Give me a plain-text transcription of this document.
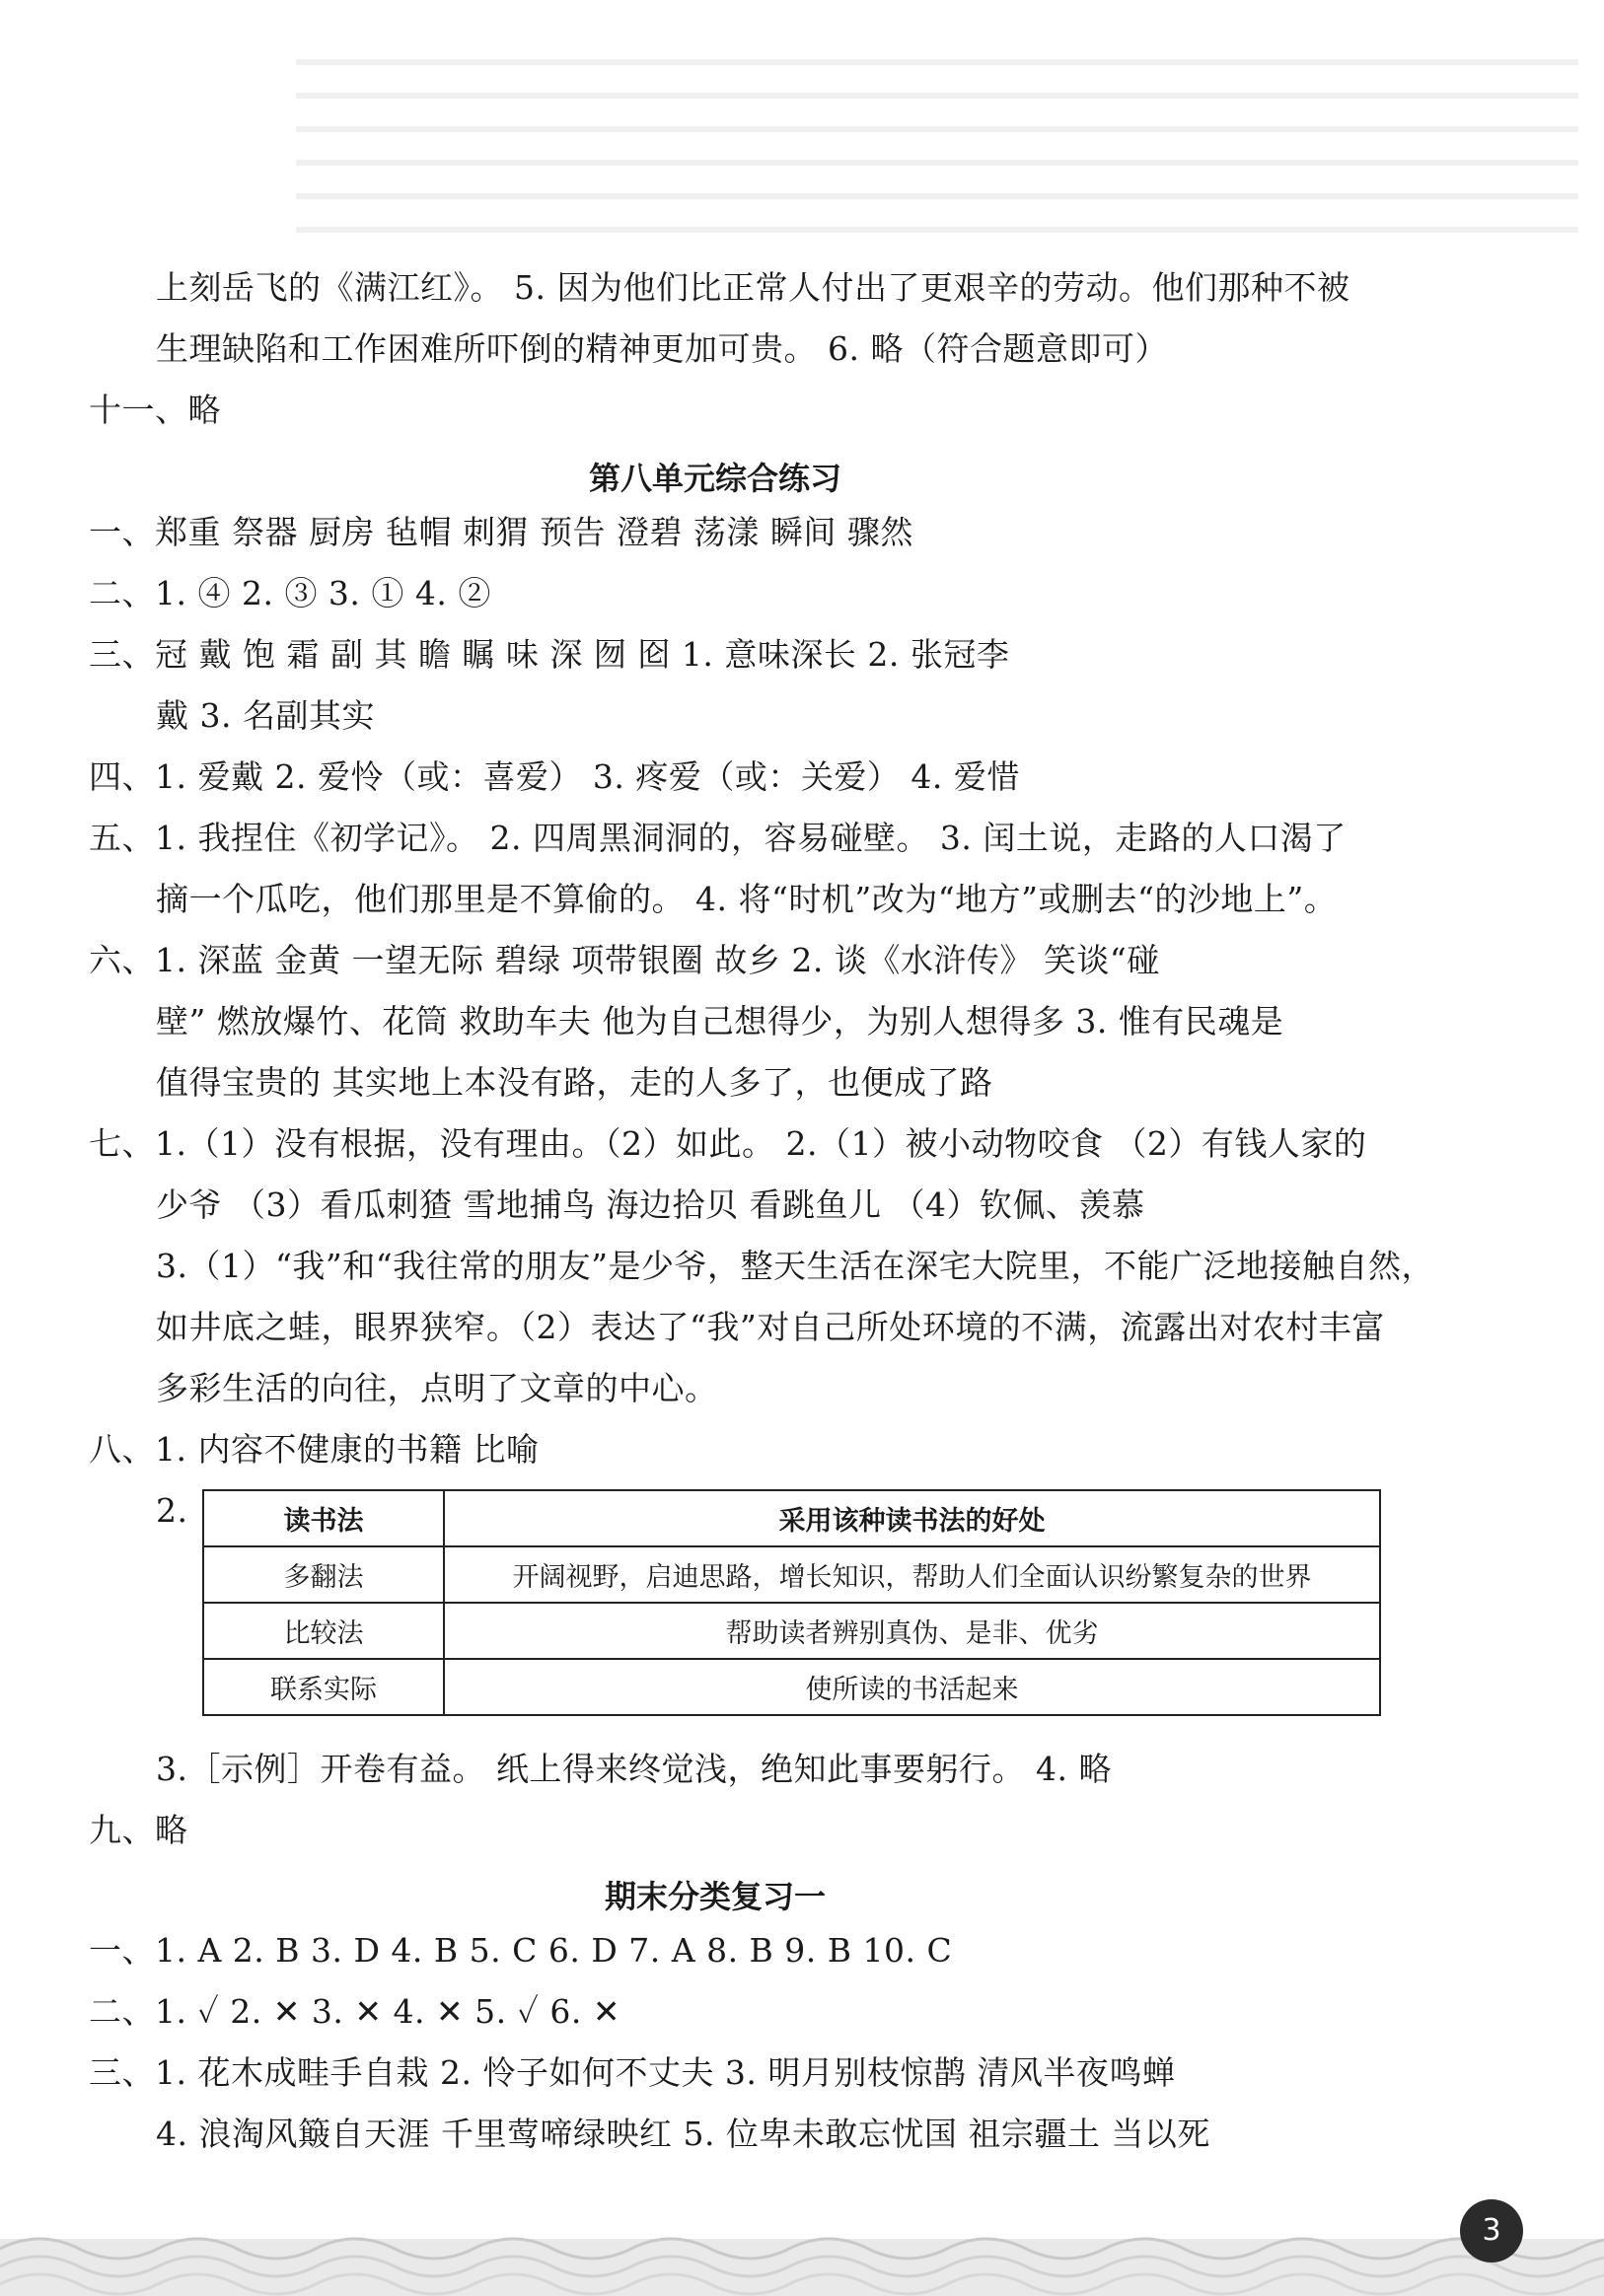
上刻岳飞的《满江红》。 5. 因为他们比正常人付出了更艰辛的劳动。他们那种不被
生理缺陷和工作困难所吓倒的精神更加可贵。 6. 略（符合题意即可）
十一、略
第八单元综合练习
一、郑重 祭器 厨房 毡帽 刺猬 预告 澄碧 荡漾 瞬间 骤然
二、1. ④ 2. ③ 3. ① 4. ②
三、冠 戴 饱 霜 副 其 瞻 瞩 味 深 囫 囵 1. 意味深长 2. 张冠李
戴 3. 名副其实
四、1. 爱戴 2. 爱怜（或：喜爱） 3. 疼爱（或：关爱） 4. 爱惜
五、1. 我捏住《初学记》。 2. 四周黑洞洞的，容易碰壁。 3. 闰土说，走路的人口渴了
摘一个瓜吃，他们那里是不算偷的。 4. 将“时机”改为“地方”或删去“的沙地上”。
六、1. 深蓝 金黄 一望无际 碧绿 项带银圈 故乡 2. 谈《水浒传》 笑谈“碰
壁” 燃放爆竹、花筒 救助车夫 他为自己想得少，为别人想得多 3. 惟有民魂是
值得宝贵的 其实地上本没有路，走的人多了，也便成了路
七、1.（1）没有根据，没有理由。（2）如此。 2.（1）被小动物咬食 （2）有钱人家的
少爷 （3）看瓜刺猹 雪地捕鸟 海边拾贝 看跳鱼儿 （4）钦佩、羡慕
3.（1）“我”和“我往常的朋友”是少爷，整天生活在深宅大院里，不能广泛地接触自然，
如井底之蛙，眼界狭窄。（2）表达了“我”对自己所处环境的不满，流露出对农村丰富
多彩生活的向往，点明了文章的中心。
八、1. 内容不健康的书籍 比喻
2.	读书法	采用该种读书法的好处
多翻法	开阔视野，启迪思路，增长知识，帮助人们全面认识纷繁复杂的世界
比较法	帮助读者辨别真伪、是非、优劣
联系实际	使所读的书活起来
3.［示例］开卷有益。 纸上得来终觉浅，绝知此事要躬行。 4. 略
九、略
期末分类复习一
一、1. A 2. B 3. D 4. B 5. C 6. D 7. A 8. B 9. B 10. C
二、1. ✓ 2. ✕ 3. ✕ 4. ✕ 5. ✓ 6. ✕
三、1. 花木成畦手自栽 2. 怜子如何不丈夫 3. 明月别枝惊鹊 清风半夜鸣蝉
4. 浪淘风簸自天涯 千里莺啼绿映红 5. 位卑未敢忘忧国 祖宗疆土 当以死
3
